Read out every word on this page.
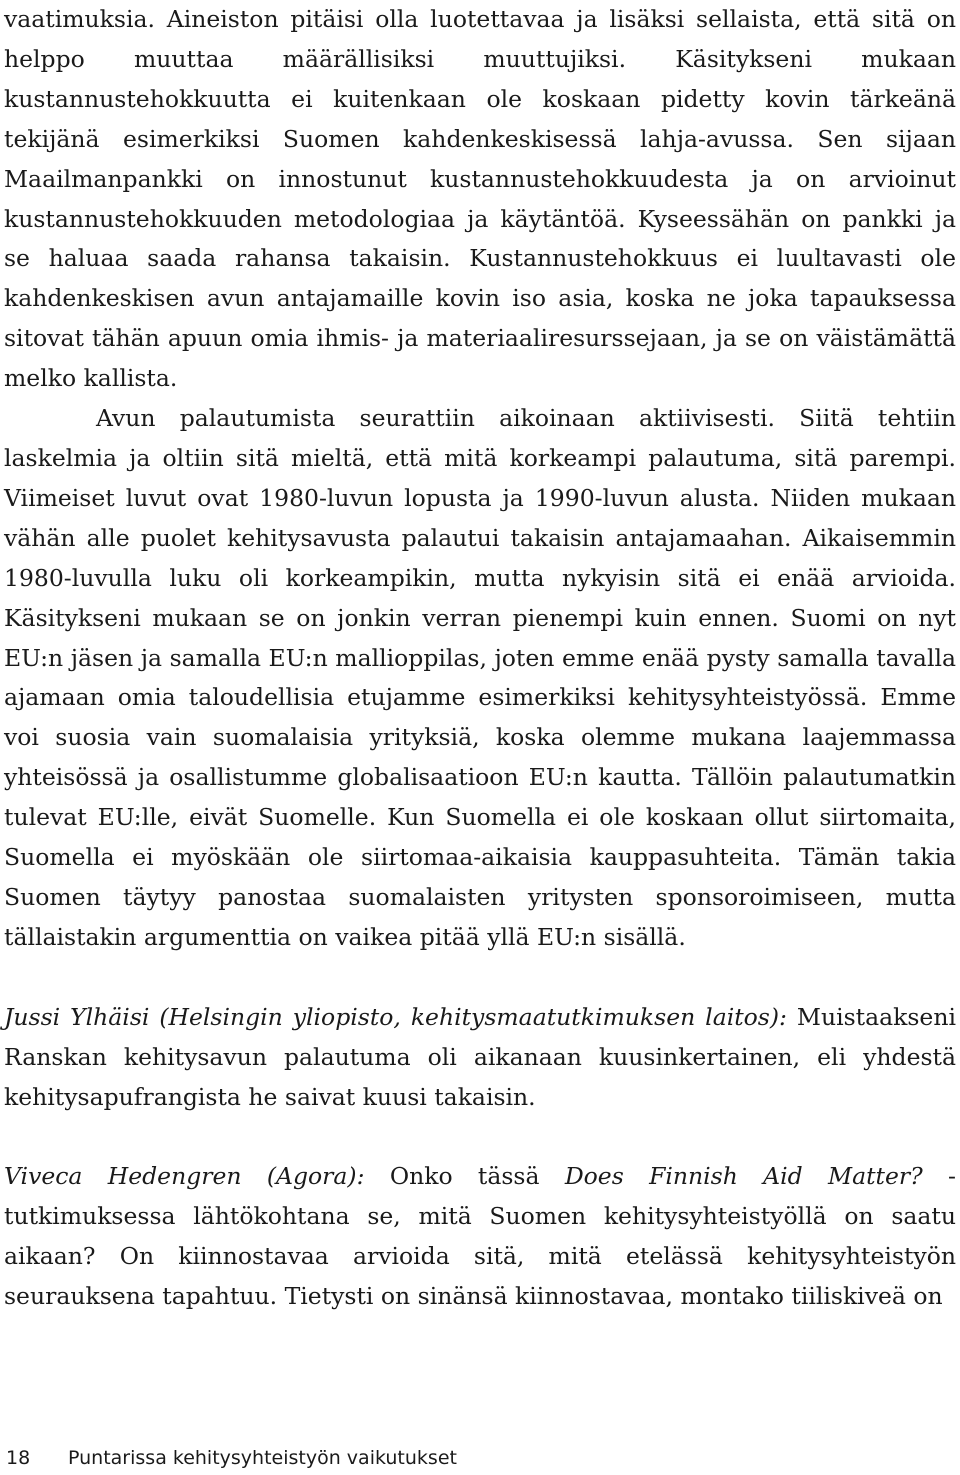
vaatimuksia. Aineiston pitäisi olla luotettavaa ja lisäksi sellaista, että sitä on helppo muuttaa määrällisiksi muuttujiksi. Käsitykseni mukaan kustannustehokkuutta ei kuitenkaan ole koskaan pidetty kovin tärkeänä tekijänä esimerkiksi Suomen kahdenkeskisessä lahja-avussa. Sen sijaan Maailmanpankki on innostunut kustannustehokkuudesta ja on arvioinut kustannustehokkuuden metodologiaa ja käytäntöä. Kyseessähän on pankki ja se haluaa saada rahansa takaisin. Kustannustehokkuus ei luultavasti ole kahdenkeskisen avun antajamaille kovin iso asia, koska ne joka tapauksessa sitovat tähän apuun omia ihmis- ja materiaaliresurssejaan, ja se on väistämättä melko kallista.

Avun palautumista seurattiin aikoinaan aktiivisesti. Siitä tehtiin laskelmia ja oltiin sitä mieltä, että mitä korkeampi palautuma, sitä parempi. Viimeiset luvut ovat 1980-luvun lopusta ja 1990-luvun alusta. Niiden mukaan vähän alle puolet kehitysavusta palautui takaisin antajamaahan. Aikaisemmin 1980-luvulla luku oli korkeampikin, mutta nykyisin sitä ei enää arvioida. Käsitykseni mukaan se on jonkin verran pienempi kuin ennen. Suomi on nyt EU:n jäsen ja samalla EU:n mallioppilas, joten emme enää pysty samalla tavalla ajamaan omia taloudellisia etujamme esimerkiksi kehitysyhteistyössä. Emme voi suosia vain suomalaisia yrityksiä, koska olemme mukana laajemmassa yhteisössä ja osallistumme globalisaatioon EU:n kautta. Tällöin palautumatkin tulevat EU:lle, eivät Suomelle. Kun Suomella ei ole koskaan ollut siirtomaita, Suomella ei myöskään ole siirtomaa-aikaisia kauppasuhteita. Tämän takia Suomen täytyy panostaa suomalaisten yritysten sponsoroimiseen, mutta tällaistakin argumenttia on vaikea pitää yllä EU:n sisällä.

Jussi Ylhäisi (Helsingin yliopisto, kehitysmaatutkimuksen laitos): Muistaakseni Ranskan kehitysavun palautuma oli aikanaan kuusinkertainen, eli yhdestä kehitysapufrangista he saivat kuusi takaisin.

Viveca Hedengren (Agora): Onko tässä Does Finnish Aid Matter? -tutkimuksessa lähtökohtana se, mitä Suomen kehitysyhteistyöllä on saatu aikaan? On kiinnostavaa arvioida sitä, mitä etelässä kehitysyhteistyön seurauksena tapahtuu. Tietysti on sinänsä kiinnostavaa, montako tiiliskiveä on

18 Puntarissa kehitysyhteistyön vaikutukset
